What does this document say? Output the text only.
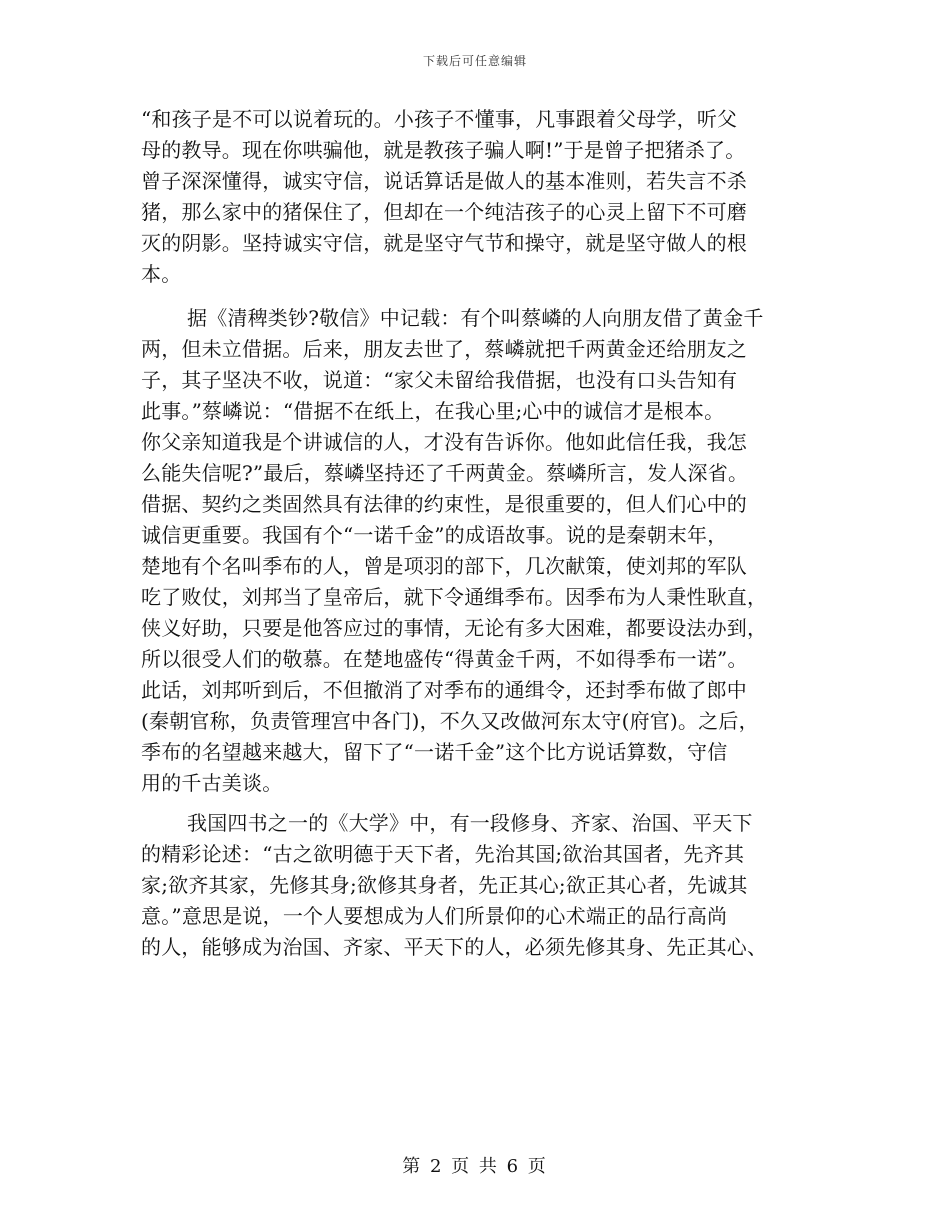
下载后可任意编辑

“和孩子是不可以说着玩的。小孩子不懂事，凡事跟着父母学，听父
母的教导。现在你哄骗他，就是教孩子骗人啊!”于是曾子把猪杀了。
曾子深深懂得，诚实守信，说话算话是做人的基本准则，若失言不杀
猪，那么家中的猪保住了，但却在一个纯洁孩子的心灵上留下不可磨
灭的阴影。坚持诚实守信，就是坚守气节和操守，就是坚守做人的根
本。

据《清稗类钞?敬信》中记载：有个叫蔡嶙的人向朋友借了黄金千
两，但未立借据。后来，朋友去世了，蔡嶙就把千两黄金还给朋友之
子，其子坚决不收，说道：“家父未留给我借据，也没有口头告知有
此事。”蔡嶙说：“借据不在纸上，在我心里;心中的诚信才是根本。
你父亲知道我是个讲诚信的人，才没有告诉你。他如此信任我，我怎
么能失信呢?”最后，蔡嶙坚持还了千两黄金。蔡嶙所言，发人深省。
借据、契约之类固然具有法律的约束性，是很重要的，但人们心中的
诚信更重要。我国有个“一诺千金”的成语故事。说的是秦朝末年，
楚地有个名叫季布的人，曾是项羽的部下，几次献策，使刘邦的军队
吃了败仗，刘邦当了皇帝后，就下令通缉季布。因季布为人秉性耿直，
侠义好助，只要是他答应过的事情，无论有多大困难，都要设法办到，
所以很受人们的敬慕。在楚地盛传“得黄金千两，不如得季布一诺”。
此话，刘邦听到后，不但撤消了对季布的通缉令，还封季布做了郎中
(秦朝官称，负责管理宫中各门)，不久又改做河东太守(府官)。之后，
季布的名望越来越大，留下了“一诺千金”这个比方说话算数，守信
用的千古美谈。

我国四书之一的《大学》中，有一段修身、齐家、治国、平天下
的精彩论述：“古之欲明德于天下者，先治其国;欲治其国者，先齐其
家;欲齐其家，先修其身;欲修其身者，先正其心;欲正其心者，先诚其
意。”意思是说，一个人要想成为人们所景仰的心术端正的品行高尚
的人，能够成为治国、齐家、平天下的人，必须先修其身、先正其心、

第 2 页 共 6 页
